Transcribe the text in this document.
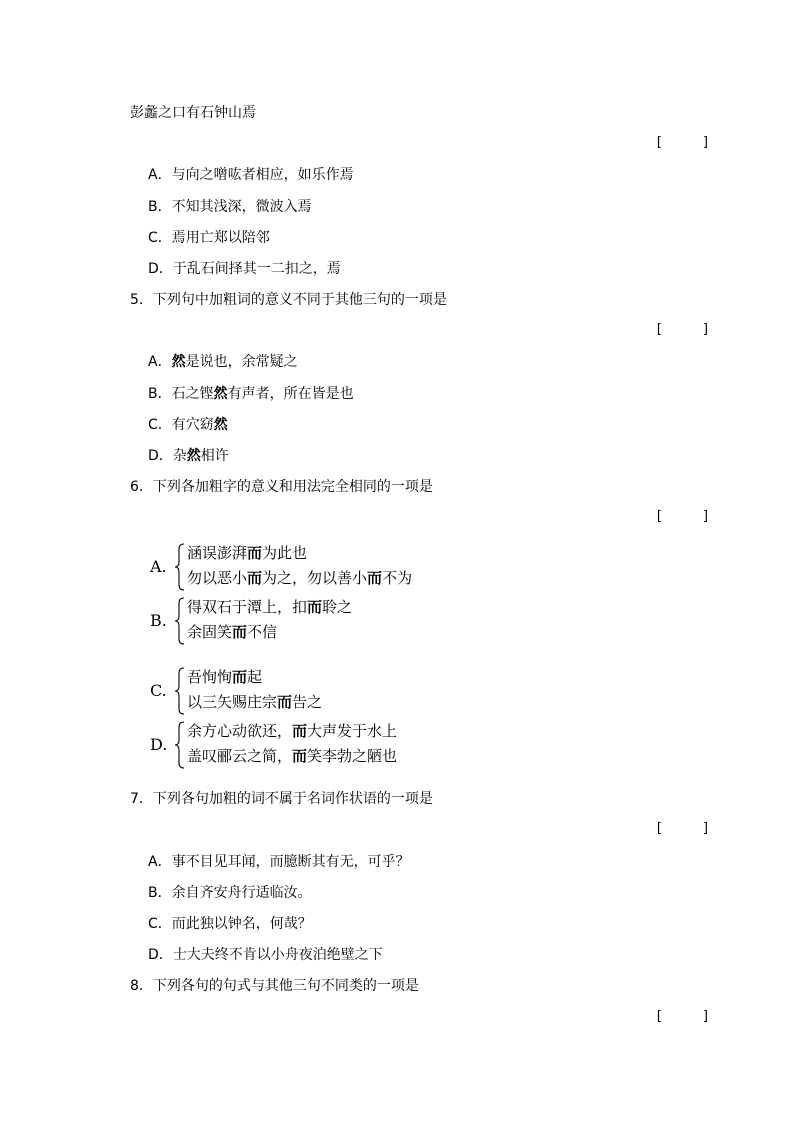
彭蠡之口有石钟山焉
[     ]
A．与向之噌吰者相应，如乐作焉
B．不知其浅深，微波入焉
C．焉用亡郑以陪邻
D．于乱石间择其一二扣之，焉
5．下列句中加粗词的意义不同于其他三句的一项是
[     ]
A．然是说也，余常疑之
B．石之铿然有声者，所在皆是也
C．有穴窈然
D．杂然相许
6．下列各加粗字的意义和用法完全相同的一项是
[     ]
A.
涵误澎湃而为此也
勿以恶小而为之，勿以善小而不为
B.
得双石于潭上，扣而聆之
余固笑而不信
C.
吾恂恂而起
以三矢赐庄宗而告之
D.
余方心动欲还，而大声发于水上
盖叹郦云之简，而笑李勃之陋也
7．下列各句加粗的词不属于名词作状语的一项是
[     ]
A．事不目见耳闻，而臆断其有无，可乎？
B．余自齐安舟行适临汝。
C．而此独以钟名，何哉？
D．士大夫终不肯以小舟夜泊绝壁之下
8．下列各句的句式与其他三句不同类的一项是
[     ]
